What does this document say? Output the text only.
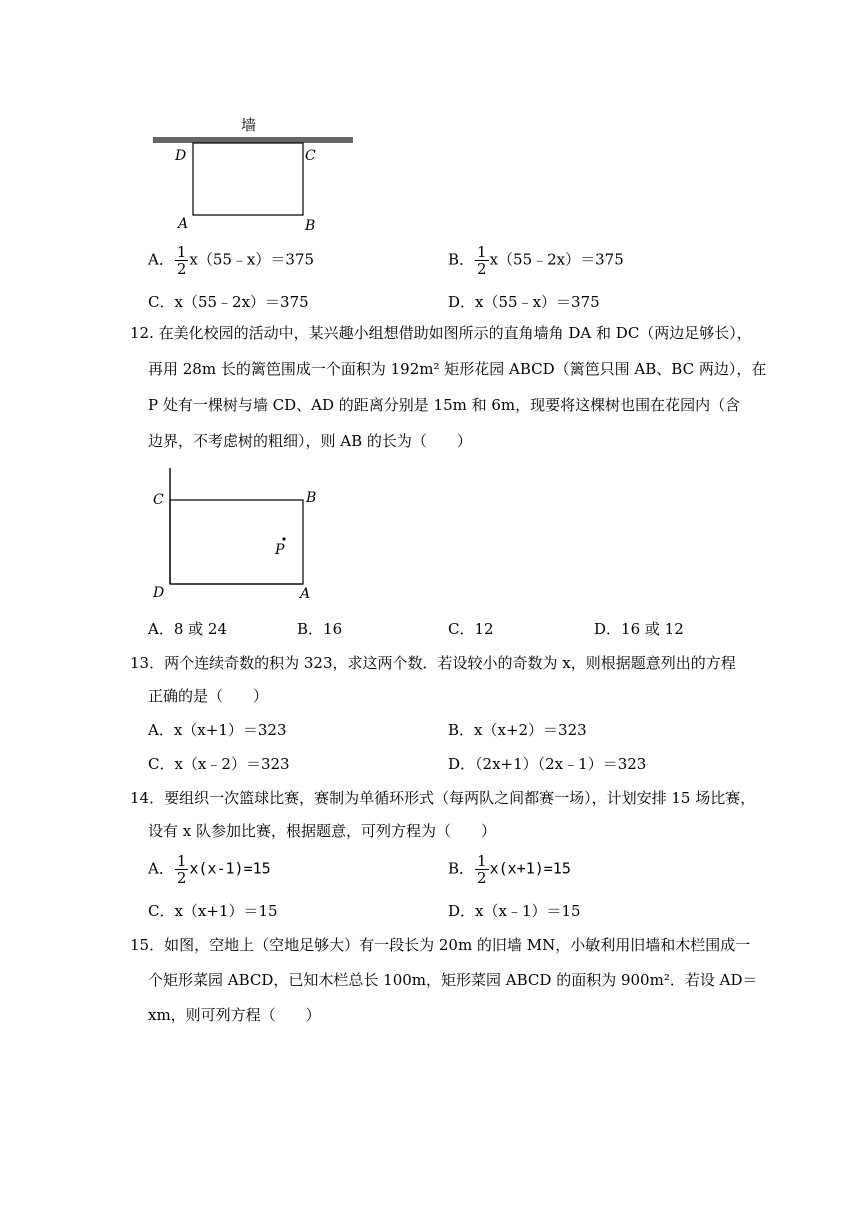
墙
D	C
A	B
A． $\frac{1}{2}$ x（55﹣x）＝375	B． $\frac{1}{2}$ x（55﹣2x）＝375
C．x（55﹣2x）＝375	D．x（55﹣x）＝375
12. 在美化校园的活动中，某兴趣小组想借助如图所示的直角墙角 DA 和 DC（两边足够长），
再用 28m 长的篱笆围成一个面积为 192m² 矩形花园 ABCD（篱笆只围 AB、BC 两边），在
P 处有一棵树与墙 CD、AD 的距离分别是 15m 和 6m，现要将这棵树也围在花园内（含
边界，不考虑树的粗细），则 AB 的长为（　　）
C	B
P
D	A
A．8 或 24	B．16	C．12	D．16 或 12
13．两个连续奇数的积为 323，求这两个数．若设较小的奇数为 x，则根据题意列出的方程
正确的是（　　）
A．x（x+1）＝323	B．x（x+2）＝323
C．x（x﹣2）＝323	D．（2x+1）（2x﹣1）＝323
14．要组织一次篮球比赛，赛制为单循环形式（每两队之间都赛一场），计划安排 15 场比赛，
设有 x 队参加比赛，根据题意，可列方程为（　　）
A． $\frac{1}{2} x(x-1)=15$	B． $\frac{1}{2} x(x+1)=15$
C．x（x+1）＝15	D．x（x﹣1）＝15
15．如图，空地上（空地足够大）有一段长为 20m 的旧墙 MN，小敏利用旧墙和木栏围成一
个矩形菜园 ABCD，已知木栏总长 100m，矩形菜园 ABCD 的面积为 900m²．若设 AD＝
xm，则可列方程（　　）
